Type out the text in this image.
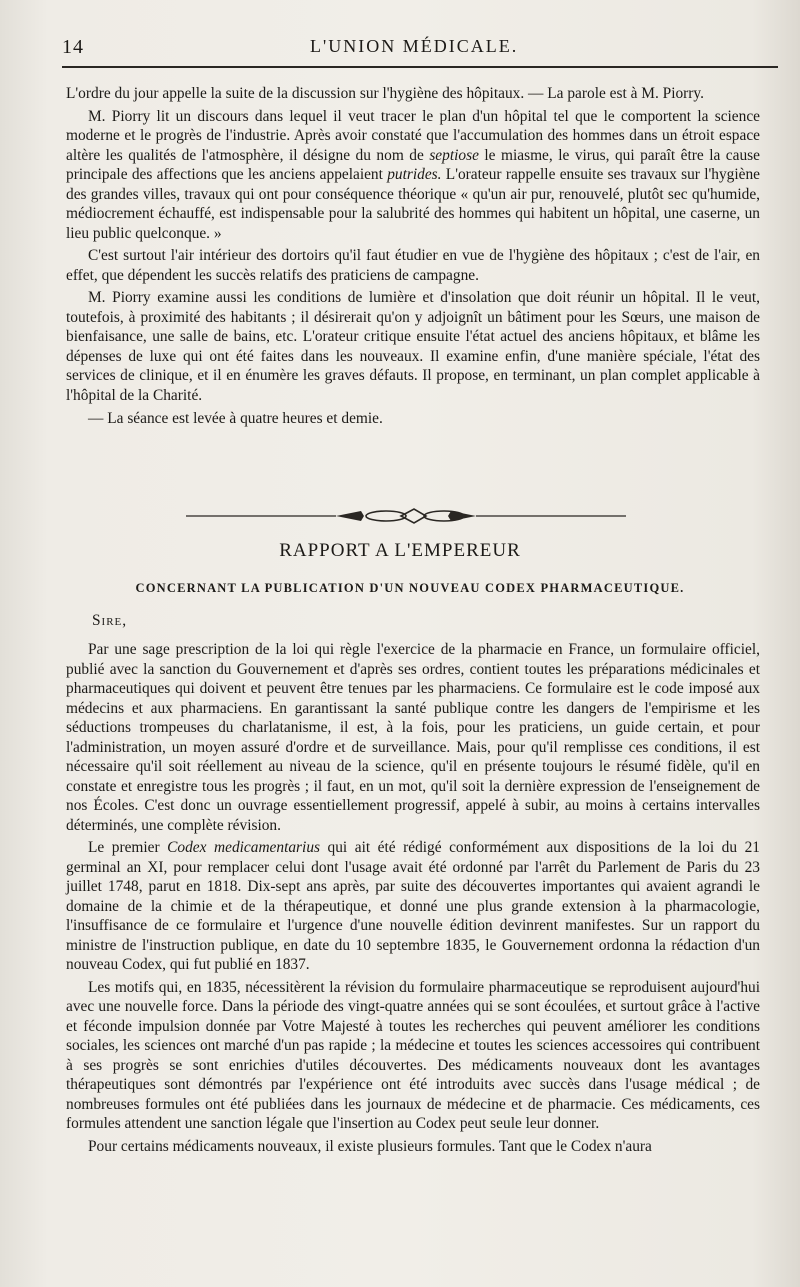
14	L'UNION MÉDICALE.

L'ordre du jour appelle la suite de la discussion sur l'hygiène des hôpitaux. — La parole est à M. Piorry.

M. Piorry lit un discours dans lequel il veut tracer le plan d'un hôpital tel que le comportent la science moderne et le progrès de l'industrie. Après avoir constaté que l'accumulation des hommes dans un étroit espace altère les qualités de l'atmosphère, il désigne du nom de septiose le miasme, le virus, qui paraît être la cause principale des affections que les anciens appelaient putrides. L'orateur rappelle ensuite ses travaux sur l'hygiène des grandes villes, travaux qui ont pour conséquence théorique « qu'un air pur, renouvelé, plutôt sec qu'humide, médiocrement échauffé, est indispensable pour la salubrité des hommes qui habitent un hôpital, une caserne, un lieu public quelconque. »

C'est surtout l'air intérieur des dortoirs qu'il faut étudier en vue de l'hygiène des hôpitaux ; c'est de l'air, en effet, que dépendent les succès relatifs des praticiens de campagne.

M. Piorry examine aussi les conditions de lumière et d'insolation que doit réunir un hôpital. Il le veut, toutefois, à proximité des habitants ; il désirerait qu'on y adjoignît un bâtiment pour les Sœurs, une maison de bienfaisance, une salle de bains, etc. L'orateur critique ensuite l'état actuel des anciens hôpitaux, et blâme les dépenses de luxe qui ont été faites dans les nouveaux. Il examine enfin, d'une manière spéciale, l'état des services de clinique, et il en énumère les graves défauts. Il propose, en terminant, un plan complet applicable à l'hôpital de la Charité.

— La séance est levée à quatre heures et demie.

RAPPORT A L'EMPEREUR
CONCERNANT LA PUBLICATION D'UN NOUVEAU CODEX PHARMACEUTIQUE.
Sire,

Par une sage prescription de la loi qui règle l'exercice de la pharmacie en France, un formulaire officiel, publié avec la sanction du Gouvernement et d'après ses ordres, contient toutes les préparations médicinales et pharmaceutiques qui doivent et peuvent être tenues par les pharmaciens. Ce formulaire est le code imposé aux médecins et aux pharmaciens. En garantissant la santé publique contre les dangers de l'empirisme et les séductions trompeuses du charlatanisme, il est, à la fois, pour les praticiens, un guide certain, et pour l'administration, un moyen assuré d'ordre et de surveillance. Mais, pour qu'il remplisse ces conditions, il est nécessaire qu'il soit réellement au niveau de la science, qu'il en présente toujours le résumé fidèle, qu'il en constate et enregistre tous les progrès ; il faut, en un mot, qu'il soit la dernière expression de l'enseignement de nos Écoles. C'est donc un ouvrage essentiellement progressif, appelé à subir, au moins à certains intervalles déterminés, une complète révision.

Le premier Codex medicamentarius qui ait été rédigé conformément aux dispositions de la loi du 21 germinal an XI, pour remplacer celui dont l'usage avait été ordonné par l'arrêt du Parlement de Paris du 23 juillet 1748, parut en 1818. Dix-sept ans après, par suite des découvertes importantes qui avaient agrandi le domaine de la chimie et de la thérapeutique, et donné une plus grande extension à la pharmacologie, l'insuffisance de ce formulaire et l'urgence d'une nouvelle édition devinrent manifestes. Sur un rapport du ministre de l'instruction publique, en date du 10 septembre 1835, le Gouvernement ordonna la rédaction d'un nouveau Codex, qui fut publié en 1837.

Les motifs qui, en 1835, nécessitèrent la révision du formulaire pharmaceutique se reproduisent aujourd'hui avec une nouvelle force. Dans la période des vingt-quatre années qui se sont écoulées, et surtout grâce à l'active et féconde impulsion donnée par Votre Majesté à toutes les recherches qui peuvent améliorer les conditions sociales, les sciences ont marché d'un pas rapide ; la médecine et toutes les sciences accessoires qui contribuent à ses progrès se sont enrichies d'utiles découvertes. Des médicaments nouveaux dont les avantages thérapeutiques sont démontrés par l'expérience ont été introduits avec succès dans l'usage médical ; de nombreuses formules ont été publiées dans les journaux de médecine et de pharmacie. Ces médicaments, ces formules attendent une sanction légale que l'insertion au Codex peut seule leur donner.

Pour certains médicaments nouveaux, il existe plusieurs formules. Tant que le Codex n'aura
